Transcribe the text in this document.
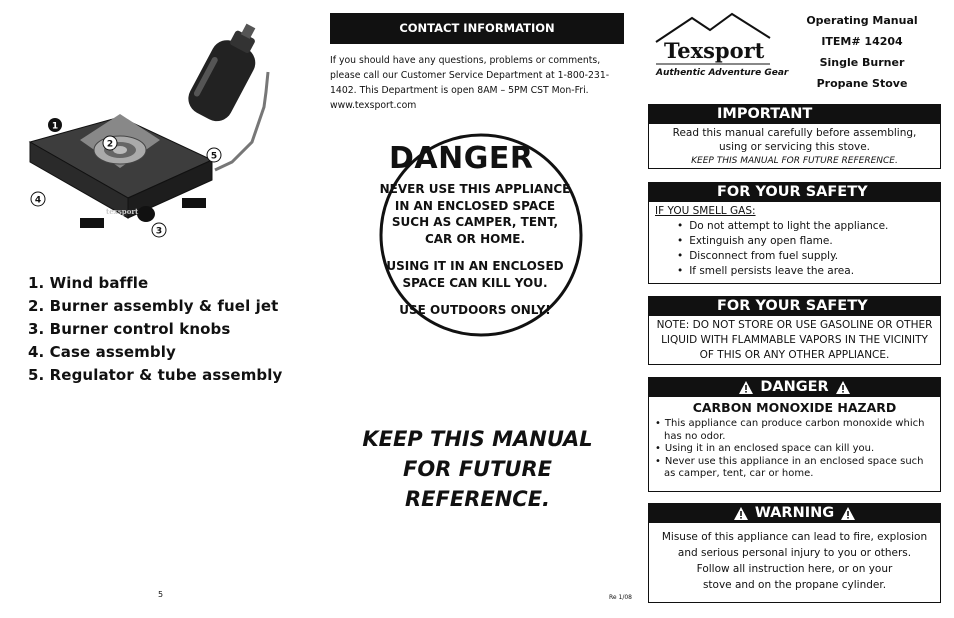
texsport
1
2
3
4
5
1. Wind baffle
2. Burner assembly & fuel jet
3. Burner control knobs
4. Case assembly
5. Regulator & tube assembly
5
CONTACT INFORMATION
If you should have any questions, problems or comments, please call our Customer Service Department at 1-800-231-1402. This Department is open 8AM – 5PM CST Mon-Fri. www.texsport.com
DANGER
NEVER USE THIS APPLIANCE IN AN ENCLOSED SPACE SUCH AS CAMPER, TENT, CAR OR HOME.
USING IT IN AN ENCLOSED SPACE CAN KILL YOU.
USE OUTDOORS ONLY!
KEEP THIS MANUAL FOR FUTURE REFERENCE.
Re 1/08
Texsport
Authentic Adventure Gear
Operating Manual
ITEM# 14204
Single Burner
Propane Stove
IMPORTANT
Read this manual carefully before assembling,
using or servicing this stove.
KEEP THIS MANUAL FOR FUTURE REFERENCE.
FOR YOUR SAFETY
IF YOU SMELL GAS:
• Do not attempt to light the appliance.
• Extinguish any open flame.
• Disconnect from fuel supply.
• If smell persists leave the area.
FOR YOUR SAFETY
NOTE: DO NOT STORE OR USE GASOLINE OR OTHER LIQUID WITH FLAMMABLE VAPORS IN THE VICINITY OF THIS OR ANY OTHER APPLIANCE.
DANGER
CARBON MONOXIDE HAZARD
• This appliance can produce carbon monoxide which has no odor.
• Using it in an enclosed space can kill you.
• Never use this appliance in an enclosed space such as camper, tent, car or home.
WARNING
Misuse of this appliance can lead to fire, explosion
and serious personal injury to you or others.
Follow all instruction here, or on your
stove and on the propane cylinder.
